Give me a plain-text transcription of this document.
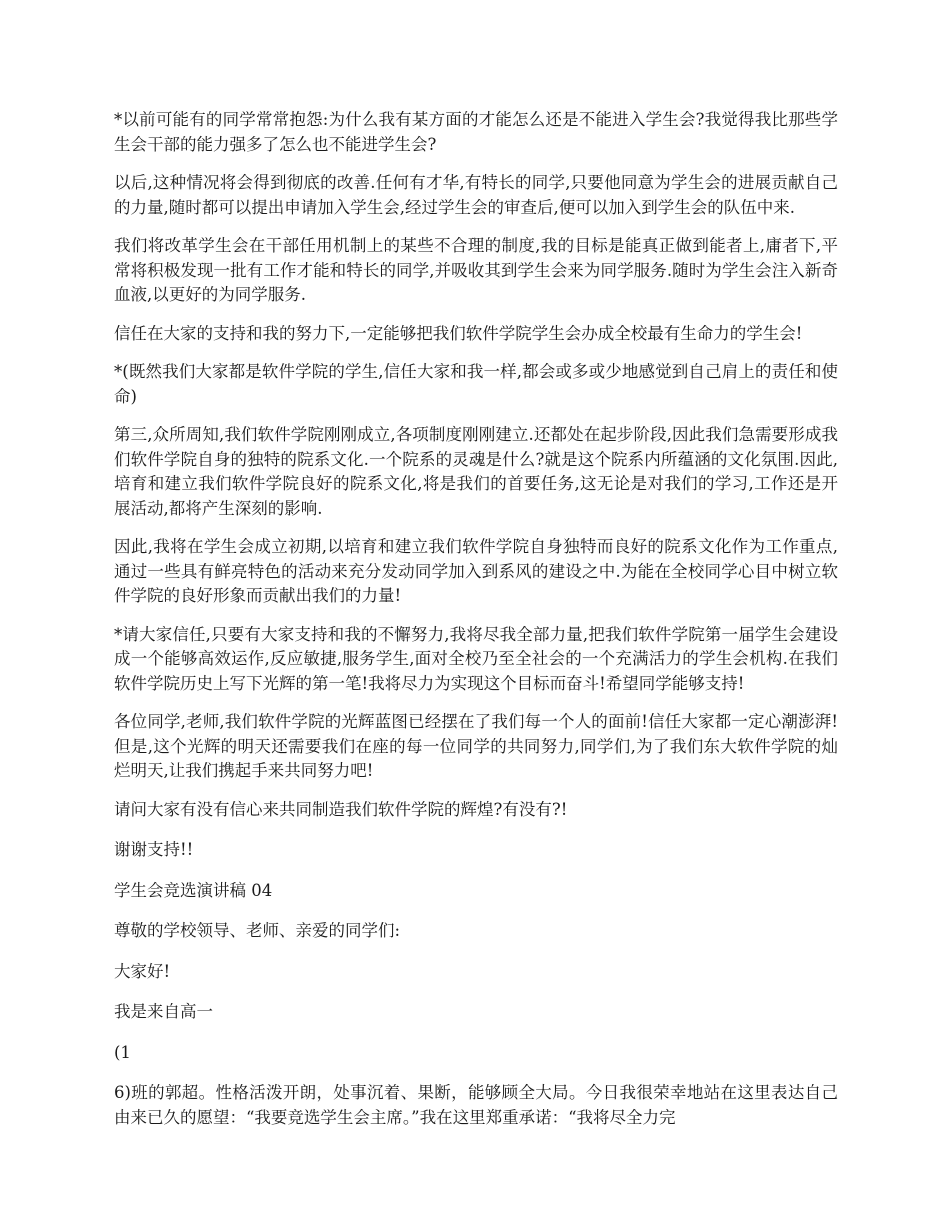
*以前可能有的同学常常抱怨:为什么我有某方面的才能怎么还是不能进入学生会?我觉得我比那些学生会干部的能力强多了怎么也不能进学生会?

以后,这种情况将会得到彻底的改善.任何有才华,有特长的同学,只要他同意为学生会的进展贡献自己的力量,随时都可以提出申请加入学生会,经过学生会的审查后,便可以加入到学生会的队伍中来.

我们将改革学生会在干部任用机制上的某些不合理的制度,我的目标是能真正做到能者上,庸者下,平常将积极发现一批有工作才能和特长的同学,并吸收其到学生会来为同学服务.随时为学生会注入新奇血液,以更好的为同学服务.

信任在大家的支持和我的努力下,一定能够把我们软件学院学生会办成全校最有生命力的学生会!

*(既然我们大家都是软件学院的学生,信任大家和我一样,都会或多或少地感觉到自己肩上的责任和使命)

第三,众所周知,我们软件学院刚刚成立,各项制度刚刚建立.还都处在起步阶段,因此我们急需要形成我们软件学院自身的独特的院系文化.一个院系的灵魂是什么?就是这个院系内所蕴涵的文化氛围.因此,培育和建立我们软件学院良好的院系文化,将是我们的首要任务,这无论是对我们的学习,工作还是开展活动,都将产生深刻的影响.

因此,我将在学生会成立初期,以培育和建立我们软件学院自身独特而良好的院系文化作为工作重点,通过一些具有鲜亮特色的活动来充分发动同学加入到系风的建设之中.为能在全校同学心目中树立软件学院的良好形象而贡献出我们的力量!

*请大家信任,只要有大家支持和我的不懈努力,我将尽我全部力量,把我们软件学院第一届学生会建设成一个能够高效运作,反应敏捷,服务学生,面对全校乃至全社会的一个充满活力的学生会机构.在我们软件学院历史上写下光辉的第一笔!我将尽力为实现这个目标而奋斗!希望同学能够支持!

各位同学,老师,我们软件学院的光辉蓝图已经摆在了我们每一个人的面前!信任大家都一定心潮澎湃!但是,这个光辉的明天还需要我们在座的每一位同学的共同努力,同学们,为了我们东大软件学院的灿烂明天,让我们携起手来共同努力吧!

请问大家有没有信心来共同制造我们软件学院的辉煌?有没有?!

谢谢支持!!

学生会竞选演讲稿 04

尊敬的学校领导、老师、亲爱的同学们:

大家好!

我是来自高一

(1

6)班的郭超。性格活泼开朗，处事沉着、果断，能够顾全大局。今日我很荣幸地站在这里表达自己由来已久的愿望：“我要竞选学生会主席。”我在这里郑重承诺：“我将尽全力完
